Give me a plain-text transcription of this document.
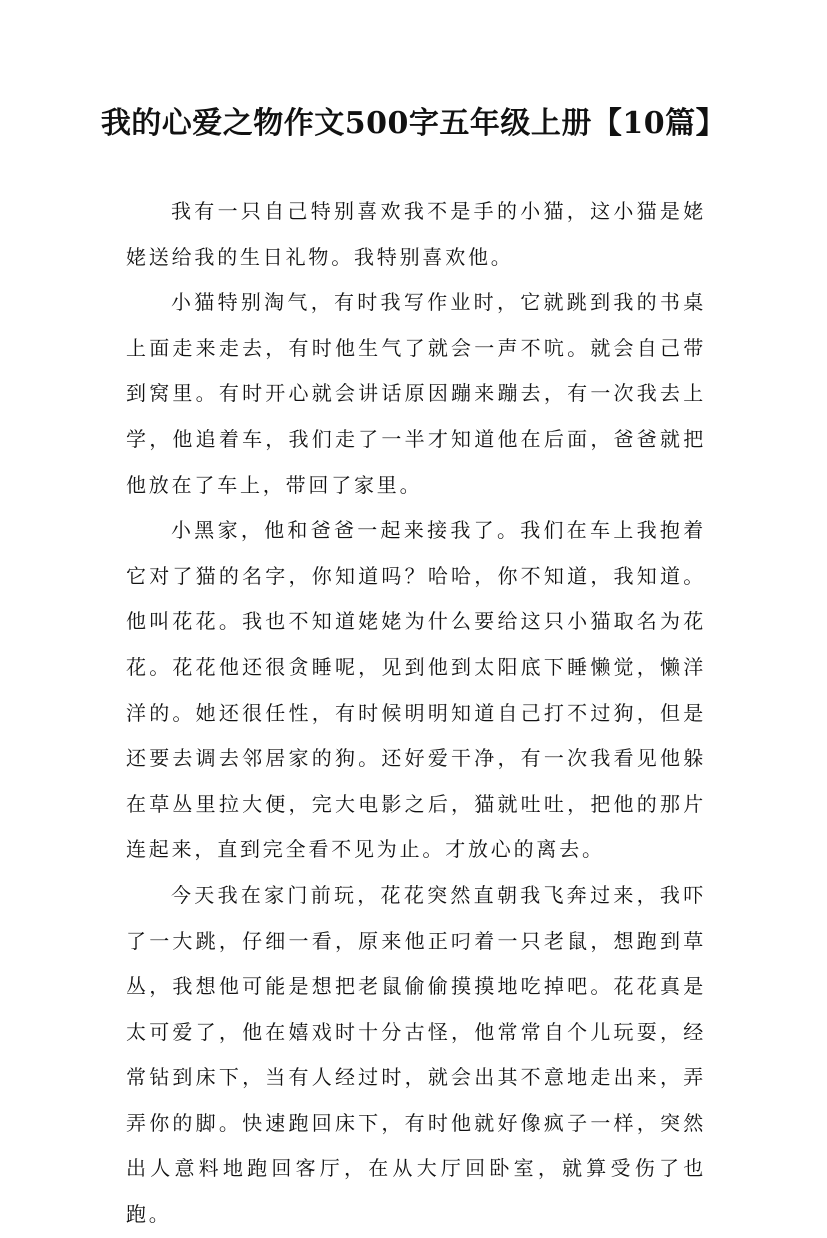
我的心爱之物作文500字五年级上册【10篇】

我有一只自己特别喜欢我不是手的小猫，这小猫是姥姥送给我的生日礼物。我特别喜欢他。

小猫特别淘气，有时我写作业时，它就跳到我的书桌上面走来走去，有时他生气了就会一声不吭。就会自己带到窝里。有时开心就会讲话原因蹦来蹦去，有一次我去上学，他追着车，我们走了一半才知道他在后面，爸爸就把他放在了车上，带回了家里。

小黑家，他和爸爸一起来接我了。我们在车上我抱着它对了猫的名字，你知道吗？哈哈，你不知道，我知道。他叫花花。我也不知道姥姥为什么要给这只小猫取名为花花。花花他还很贪睡呢，见到他到太阳底下睡懒觉，懒洋洋的。她还很任性，有时候明明知道自己打不过狗，但是还要去调去邻居家的狗。还好爱干净，有一次我看见他躲在草丛里拉大便，完大电影之后，猫就吐吐，把他的那片连起来，直到完全看不见为止。才放心的离去。

今天我在家门前玩，花花突然直朝我飞奔过来，我吓了一大跳，仔细一看，原来他正叼着一只老鼠，想跑到草丛，我想他可能是想把老鼠偷偷摸摸地吃掉吧。花花真是太可爱了，他在嬉戏时十分古怪，他常常自个儿玩耍，经常钻到床下，当有人经过时，就会出其不意地走出来，弄弄你的脚。快速跑回床下，有时他就好像疯子一样，突然出人意料地跑回客厅，在从大厅回卧室，就算受伤了也跑。
